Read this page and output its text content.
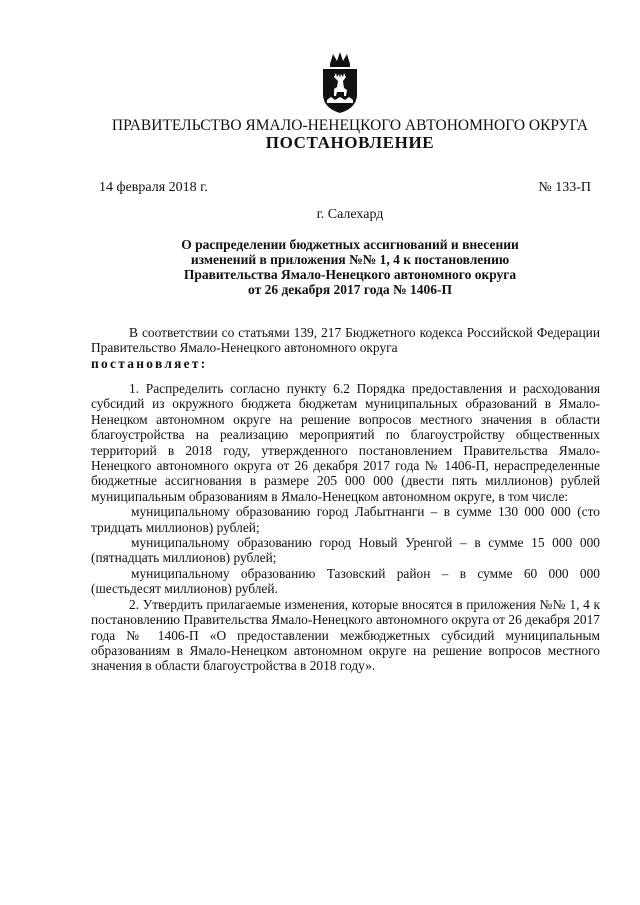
ПРАВИТЕЛЬСТВО ЯМАЛО-НЕНЕЦКОГО АВТОНОМНОГО ОКРУГА
ПОСТАНОВЛЕНИЕ
14 февраля 2018 г.	№ 133-П
г. Салехард
О распределении бюджетных ассигнований и внесении
изменений в приложения №№ 1, 4 к постановлению
Правительства Ямало-Ненецкого автономного округа
от 26 декабря 2017 года № 1406-П
В соответствии со статьями 139, 217 Бюджетного кодекса Российской Федерации Правительство Ямало-Ненецкого автономного округа
постановляет:
1. Распределить согласно пункту 6.2 Порядка предоставления и расходования субсидий из окружного бюджета бюджетам муниципальных образований в Ямало-Ненецком автономном округе на решение вопросов местного значения в области благоустройства на реализацию мероприятий по благоустройству общественных территорий в 2018 году, утвержденного постановлением Правительства Ямало-Ненецкого автономного округа от 26 декабря 2017 года № 1406-П, нераспределенные бюджетные ассигнования в размере 205 000 000 (двести пять миллионов) рублей муниципальным образованиям в Ямало-Ненецком автономном округе, в том числе:
муниципальному образованию город Лабытнанги – в сумме 130 000 000 (сто тридцать миллионов) рублей;
муниципальному образованию город Новый Уренгой – в сумме 15 000 000 (пятнадцать миллионов) рублей;
муниципальному образованию Тазовский район – в сумме 60 000 000 (шестьдесят миллионов) рублей.
2. Утвердить прилагаемые изменения, которые вносятся в приложения №№ 1, 4 к постановлению Правительства Ямало-Ненецкого автономного округа от 26 декабря 2017 года № 1406-П «О предоставлении межбюджетных субсидий муниципальным образованиям в Ямало-Ненецком автономном округе на решение вопросов местного значения в области благоустройства в 2018 году».
